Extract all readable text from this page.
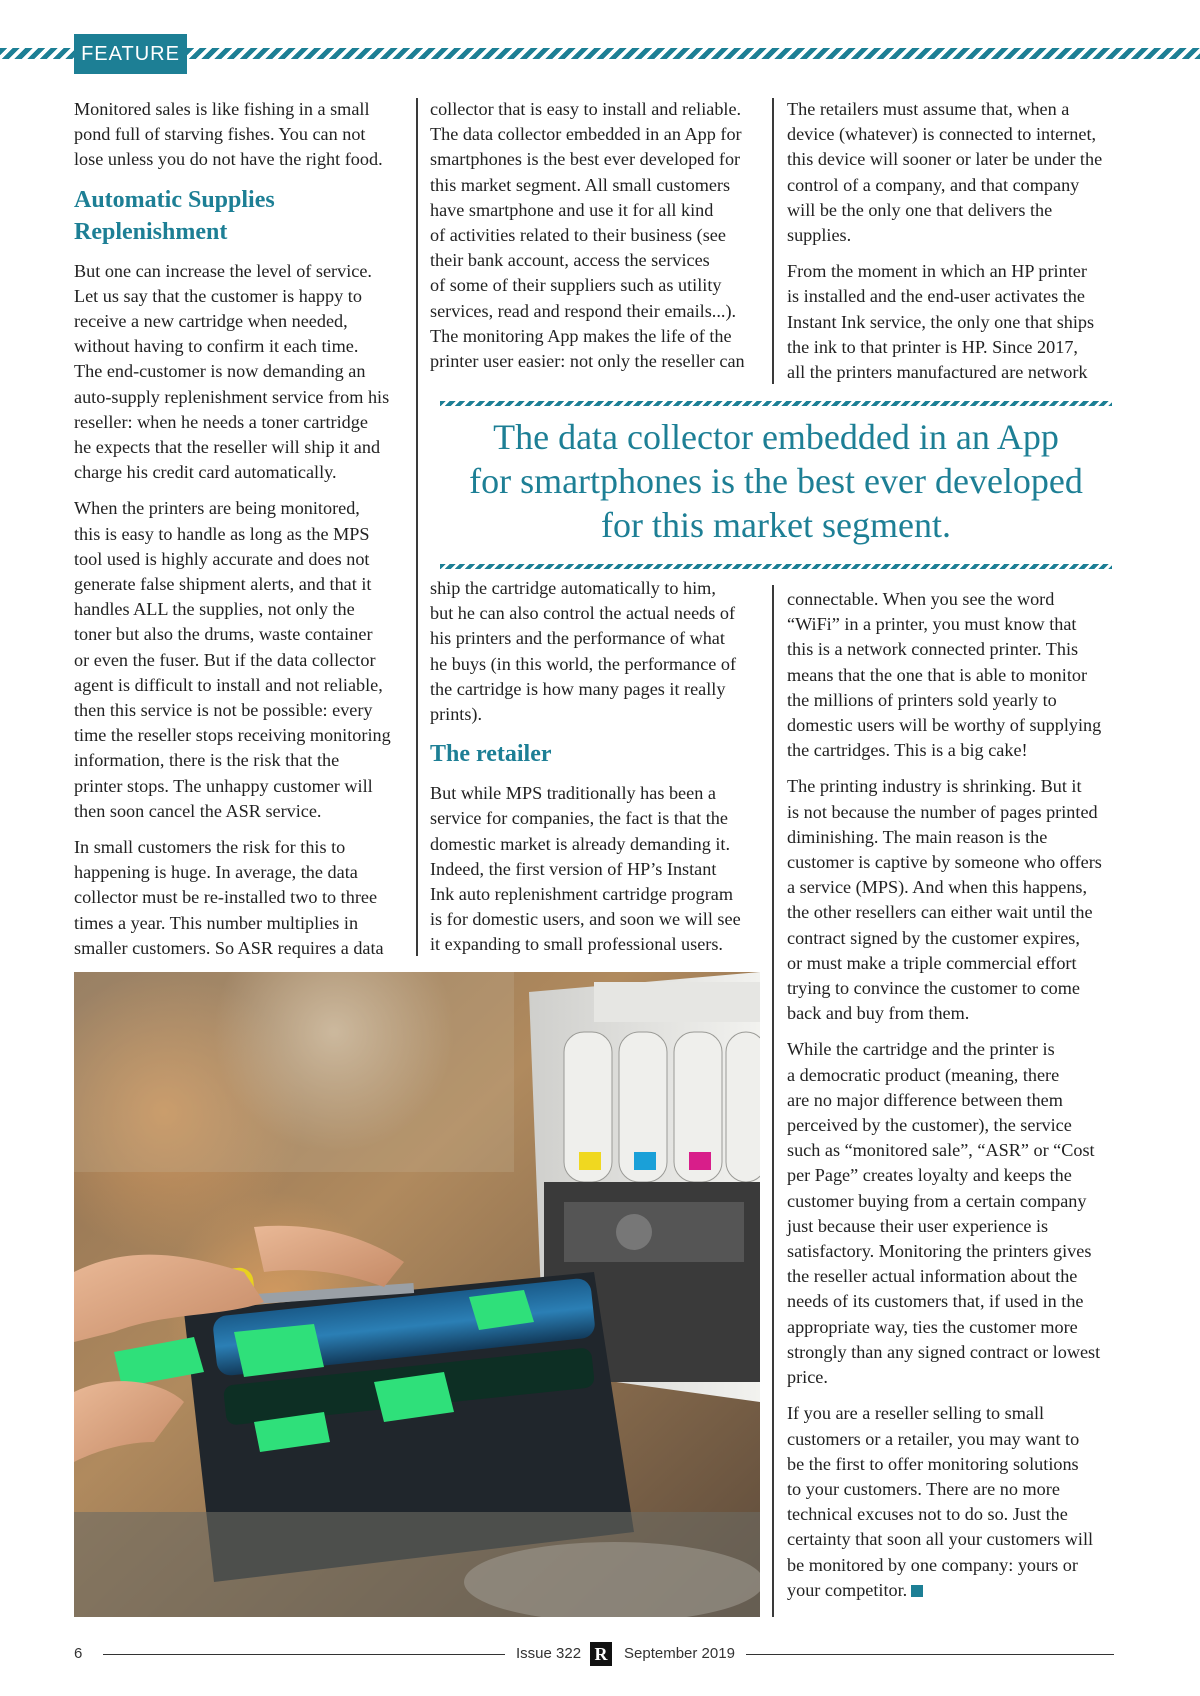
FEATURE

Monitored sales is like fishing in a small
pond full of starving fishes. You can not
lose unless you do not have the right food.

Automatic Supplies
Replenishment

But one can increase the level of service.
Let us say that the customer is happy to
receive a new cartridge when needed,
without having to confirm it each time.
The end-customer is now demanding an
auto-supply replenishment service from his
reseller: when he needs a toner cartridge
he expects that the reseller will ship it and
charge his credit card automatically.

When the printers are being monitored,
this is easy to handle as long as the MPS
tool used is highly accurate and does not
generate false shipment alerts, and that it
handles ALL the supplies, not only the
toner but also the drums, waste container
or even the fuser. But if the data collector
agent is difficult to install and not reliable,
then this service is not be possible: every
time the reseller stops receiving monitoring
information, there is the risk that the
printer stops. The unhappy customer will
then soon cancel the ASR service.

In small customers the risk for this to
happening is huge. In average, the data
collector must be re-installed two to three
times a year. This number multiplies in
smaller customers. So ASR requires a data

collector that is easy to install and reliable.
The data collector embedded in an App for
smartphones is the best ever developed for
this market segment. All small customers
have smartphone and use it for all kind
of activities related to their business (see
their bank account, access the services
of some of their suppliers such as utility
services, read and respond their emails...).
The monitoring App makes the life of the
printer user easier: not only the reseller can

The retailers must assume that, when a
device (whatever) is connected to internet,
this device will sooner or later be under the
control of a company, and that company
will be the only one that delivers the
supplies.

From the moment in which an HP printer
is installed and the end-user activates the
Instant Ink service, the only one that ships
the ink to that printer is HP. Since 2017,
all the printers manufactured are network

The data collector embedded in an App
for smartphones is the best ever developed
for this market segment.

ship the cartridge automatically to him,
but he can also control the actual needs of
his printers and the performance of what
he buys (in this world, the performance of
the cartridge is how many pages it really
prints).

The retailer

But while MPS traditionally has been a
service for companies, the fact is that the
domestic market is already demanding it.
Indeed, the first version of HP’s Instant
Ink auto replenishment cartridge program
is for domestic users, and soon we will see
it expanding to small professional users.

connectable. When you see the word
“WiFi” in a printer, you must know that
this is a network connected printer. This
means that the one that is able to monitor
the millions of printers sold yearly to
domestic users will be worthy of supplying
the cartridges. This is a big cake!

The printing industry is shrinking. But it
is not because the number of pages printed
diminishing. The main reason is the
customer is captive by someone who offers
a service (MPS). And when this happens,
the other resellers can either wait until the
contract signed by the customer expires,
or must make a triple commercial effort
trying to convince the customer to come
back and buy from them.

While the cartridge and the printer is
a democratic product (meaning, there
are no major difference between them
perceived by the customer), the service
such as “monitored sale”, “ASR” or “Cost
per Page” creates loyalty and keeps the
customer buying from a certain company
just because their user experience is
satisfactory. Monitoring the printers gives
the reseller actual information about the
needs of its customers that, if used in the
appropriate way, ties the customer more
strongly than any signed contract or lowest
price.

If you are a reseller selling to small
customers or a retailer, you may want to
be the first to offer monitoring solutions
to your customers. There are no more
technical excuses not to do so. Just the
certainty that soon all your customers will
be monitored by one company: yours or
your competitor.

6	Issue 322 R	September 2019
